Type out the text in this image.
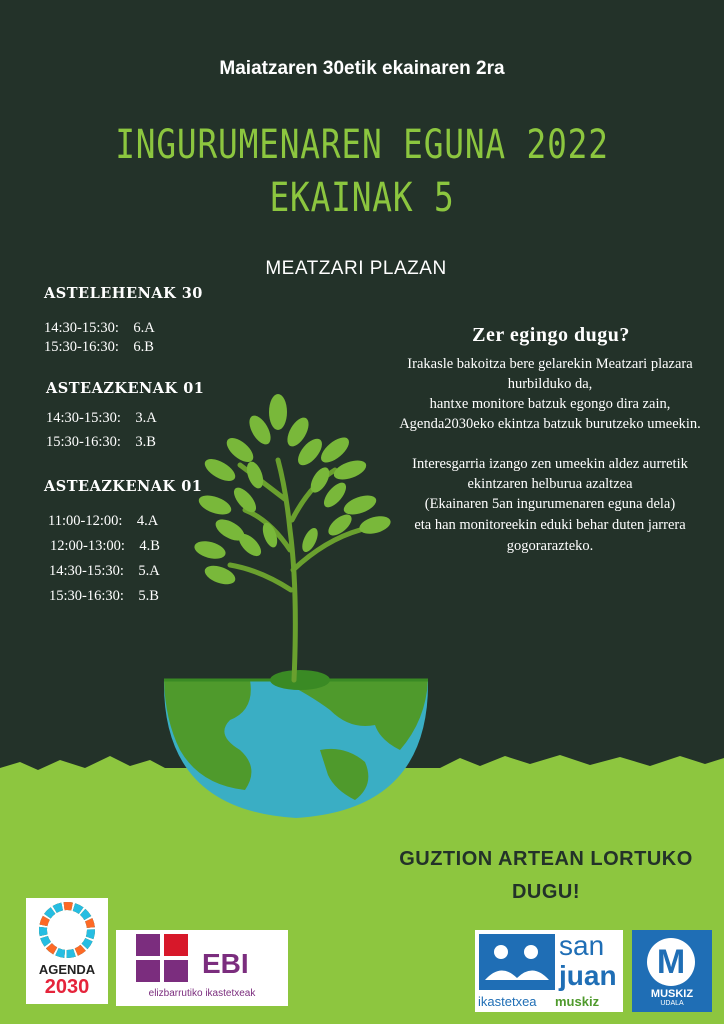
Maiatzaren 30etik ekainaren 2ra
INGURUMENAREN EGUNA 2022
EKAINAK 5
MEATZARI PLAZAN
ASTELEHENAK 30
14:30-15:30:    6.A
15:30-16:30:    6.B
ASTEAZKENAK 01
14:30-15:30:    3.A
15:30-16:30:    3.B
ASTEAZKENAK 01
11:00-12:00:    4.A
12:00-13:00:    4.B
14:30-15:30:    5.A
15:30-16:30:    5.B
Zer egingo dugu?
Irakasle bakoitza bere gelarekin Meatzari plazara
hurbilduko da,
hantxe monitore batzuk egongo dira zain,
Agenda2030eko ekintza batzuk burutzeko umeekin.
Interesgarria izango zen umeekin aldez aurretik
ekintzaren helburua azaltzea
(Ekainaren 5an ingurumenaren eguna dela)
eta han monitoreekin eduki behar duten jarrera
gogorarazteko.
GUZTION ARTEAN LORTUKO
DUGU!
AGENDA
2030
EBI
elizbarrutiko ikastetxeak
san
juan
ikastetxea muskiz
M
MUSKIZ
UDALA
